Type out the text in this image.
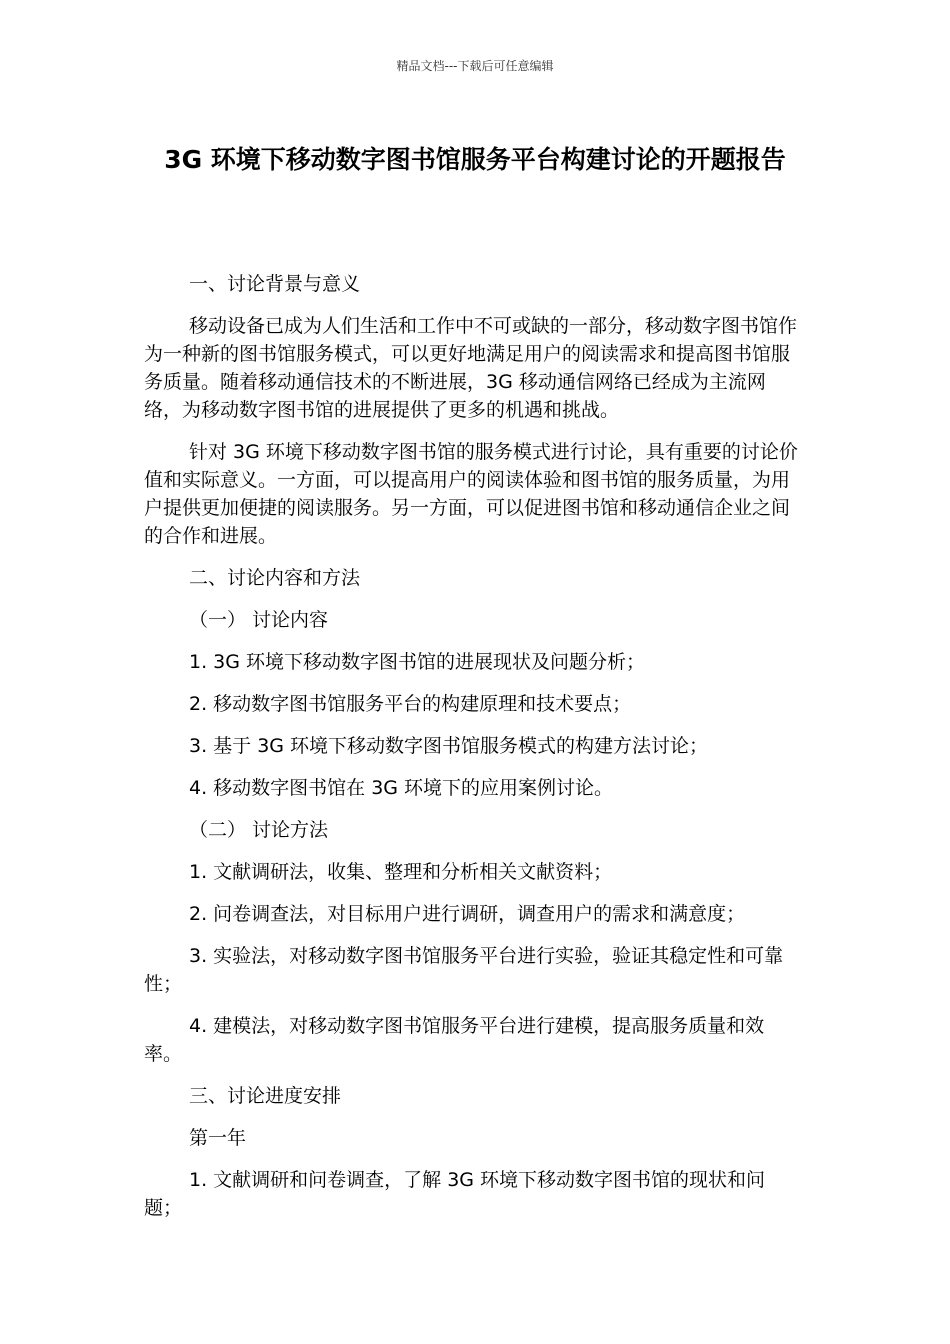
精品文档---下载后可任意编辑
3G 环境下移动数字图书馆服务平台构建讨论的开题报告

一、讨论背景与意义

移动设备已成为人们生活和工作中不可或缺的一部分，移动数字图书馆作为一种新的图书馆服务模式，可以更好地满足用户的阅读需求和提高图书馆服务质量。随着移动通信技术的不断进展，3G 移动通信网络已经成为主流网络，为移动数字图书馆的进展提供了更多的机遇和挑战。

针对 3G 环境下移动数字图书馆的服务模式进行讨论，具有重要的讨论价值和实际意义。一方面，可以提高用户的阅读体验和图书馆的服务质量，为用户提供更加便捷的阅读服务。另一方面，可以促进图书馆和移动通信企业之间的合作和进展。

二、讨论内容和方法

（一） 讨论内容

1. 3G 环境下移动数字图书馆的进展现状及问题分析；

2. 移动数字图书馆服务平台的构建原理和技术要点；

3. 基于 3G 环境下移动数字图书馆服务模式的构建方法讨论；

4. 移动数字图书馆在 3G 环境下的应用案例讨论。

（二） 讨论方法

1. 文献调研法，收集、整理和分析相关文献资料；

2. 问卷调查法，对目标用户进行调研，调查用户的需求和满意度；

3. 实验法，对移动数字图书馆服务平台进行实验，验证其稳定性和可靠性；

4. 建模法，对移动数字图书馆服务平台进行建模，提高服务质量和效率。

三、讨论进度安排

第一年

1. 文献调研和问卷调查，了解 3G 环境下移动数字图书馆的现状和问题；
